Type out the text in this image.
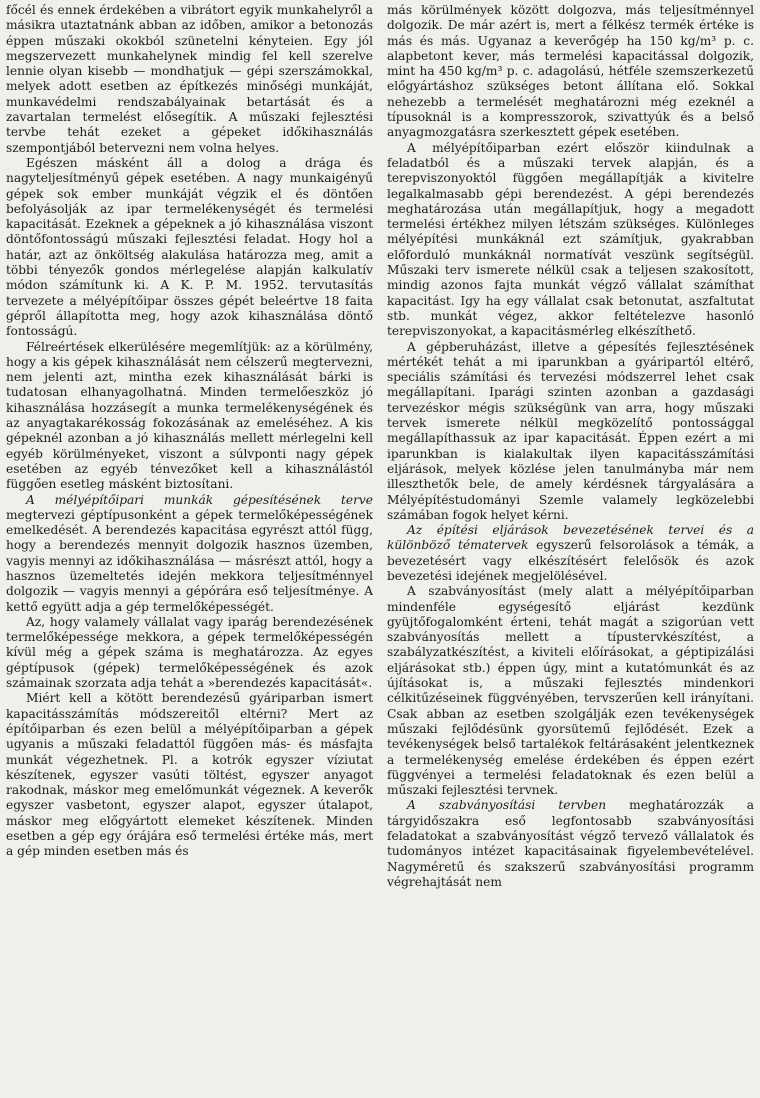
főcél és ennek érdekében a vibrátort egyik munkahelyről a másikra utaztatnánk abban az időben, amikor a betonozás éppen műszaki okokból szünetelni kényteien. Egy jól megszervezett munkahelynek mindig fel kell szerelve lennie olyan kisebb — mondhatjuk — gépi szerszámokkal, melyek adott esetben az építkezés minőségi munkáját, munkavédelmi rendszabályainak betartását és a zavartalan termelést elősegítik. A műszaki fejlesztési tervbe tehát ezeket a gépeket időkihasználás szempontjából betervezni nem volna helyes.

Egészen másként áll a dolog a drága és nagyteljesítményű gépek esetében. A nagy munkaigényű gépek sok ember munkáját végzik el és döntően befolyásolják az ipar termelékenységét és termelési kapacitását. Ezeknek a gépeknek a jó kihasználása viszont döntőfontosságú műszaki fejlesztési feladat. Hogy hol a határ, azt az önköltség alakulása határozza meg, amit a többi tényezők gondos mérlegelése alapján kalkulatív módon számítunk ki. A K. P. M. 1952. tervutasítás tervezete a mélyépítőipar összes gépét beleértve 18 faita gépről állapította meg, hogy azok kihasználása döntő fontosságú.

Félreértések elkerülésére megemlítjük: az a körülmény, hogy a kis gépek kihasználását nem célszerű megtervezni, nem jelenti azt, mintha ezek kihasználását bárki is tudatosan elhanyagolhatná. Minden termelőeszköz jó kihasználása hozzásegít a munka termelékenységének és az anyagtakarékosság fokozásának az emeléséhez. A kis gépeknél azonban a jó kihasználás mellett mérlegelni kell egyéb körülményeket, viszont a súlvponti nagy gépek esetében az egyéb ténvezőket kell a kihasználástól függően esetleg másként biztosítani.

A mélyépítőipari munkák gépesítésének terve megtervezi géptípusonként a gépek termelőképességének emelkedését. A berendezés kapacitása egyrészt attól függ, hogy a berendezés mennyit dolgozik hasznos üzemben, vagyis mennyi az időkihasználása — másrészt attól, hogy a hasznos üzemeltetés idején mekkora teljesítménnyel dolgozik — vagyis mennyi a gépórára eső teljesítménye. A kettő együtt adja a gép termelőképességét.

Az, hogy valamely vállalat vagy iparág berendezésének termelőképessége mekkora, a gépek termelőképességén kívül még a gépek száma is meghatározza. Az egyes géptípusok (gépek) termelőképességének és azok számainak szorzata adja tehát a »berendezés kapacitását«.

Miért kell a kötött berendezésű gyáriparban ismert kapacitásszámítás módszereitől eltérni? Mert az építőiparban és ezen belül a mélyépítőiparban a gépek ugyanis a műszaki feladattól függően más- és másfajta munkát végezhetnek. Pl. a kotrók egyszer víziutat készítenek, egyszer vasúti töltést, egyszer anyagot rakodnak, máskor meg emelőmunkát végeznek. A keverők egyszer vasbetont, egyszer alapot, egyszer útalapot, máskor meg előgyártott elemeket készítenek. Minden esetben a gép egy órájára eső termelési értéke más, mert a gép minden esetben más és

más körülmények között dolgozva, más teljesítménnyel dolgozik. De már azért is, mert a félkész termék értéke is más és más. Ugyanaz a keverőgép ha 150 kg/m³ p. c. alapbetont kever, más termelési kapacitással dolgozik, mint ha 450 kg/m³ p. c. adagolású, hétféle szemszerkezetű előgyártáshoz szükséges betont állítana elő. Sokkal nehezebb a termelését meghatározni még ezeknél a típusoknál is a kompresszorok, szivattyúk és a belső anyagmozgatásra szerkesztett gépek esetében.

A mélyépítőiparban ezért először kiindulnak a feladatból és a műszaki tervek alapján, és a terepviszonyoktól függően megállapítják a kivitelre legalkalmasabb gépi berendezést. A gépi berendezés meghatározása után megállapítjuk, hogy a megadott termelési értékhez milyen létszám szükséges. Különleges mélyépítési munkáknál ezt számítjuk, gyakrabban előforduló munkáknál normatívát veszünk segítségül. Műszaki terv ismerete nélkül csak a teljesen szakosított, mindig azonos fajta munkát végző vállalat számíthat kapacitást. Igy ha egy vállalat csak betonutat, aszfaltutat stb. munkát végez, akkor feltételezve hasonló terepviszonyokat, a kapacitásmérleg elkészíthető.

A gépberuházást, illetve a gépesítés fejlesztésének mértékét tehát a mi iparunkban a gyáripartól eltérő, speciális számítási és tervezési módszerrel lehet csak megállapítani. Iparági szinten azonban a gazdasági tervezéskor mégis szükségünk van arra, hogy műszaki tervek ismerete nélkül megközelítő pontossággal megállapíthassuk az ipar kapacitását. Éppen ezért a mi iparunkban is kialakultak ilyen kapacitásszámítási eljárások, melyek közlése jelen tanulmányba már nem illeszthetők bele, de amely kérdésnek tárgyalására a Mélyépítéstudományi Szemle valamely legközelebbi számában fogok helyet kérni.

Az építési eljárások bevezetésének tervei és a különböző tématervek egyszerű felsorolások a témák, a bevezetésért vagy elkészítésért felelősök és azok bevezetési idejének megjelölésével.

A szabványosítást (mely alatt a mélyépítőiparban mindenféle egységesítő eljárást kezdünk gyüjtőfogalomként érteni, tehát magát a szigorúan vett szabványosítás mellett a típustervkészítést, a szabályzatkészítést, a kiviteli előírásokat, a géptipizálási eljárásokat stb.) éppen úgy, mint a kutatómunkát és az újításokat is, a műszaki fejlesztés mindenkori célkitűzéseinek függvényében, tervszerűen kell irányítani. Csak abban az esetben szolgálják ezen tevékenységek műszaki fejlődésünk gyorsütemű fejlődését. Ezek a tevékenységek belső tartalékok feltárásaként jelentkeznek a termelékenység emelése érdekében és éppen ezért függvényei a termelési feladatoknak és ezen belül a műszaki fejlesztési tervnek.

A szabványosítási tervben meghatározzák a tárgyidőszakra eső legfontosabb szabványosítási feladatokat a szabványosítást végző tervező vállalatok és tudományos intézet kapacitásainak figyelembevételével. Nagyméretű és szakszerű szabványosítási programm végrehajtását nem
